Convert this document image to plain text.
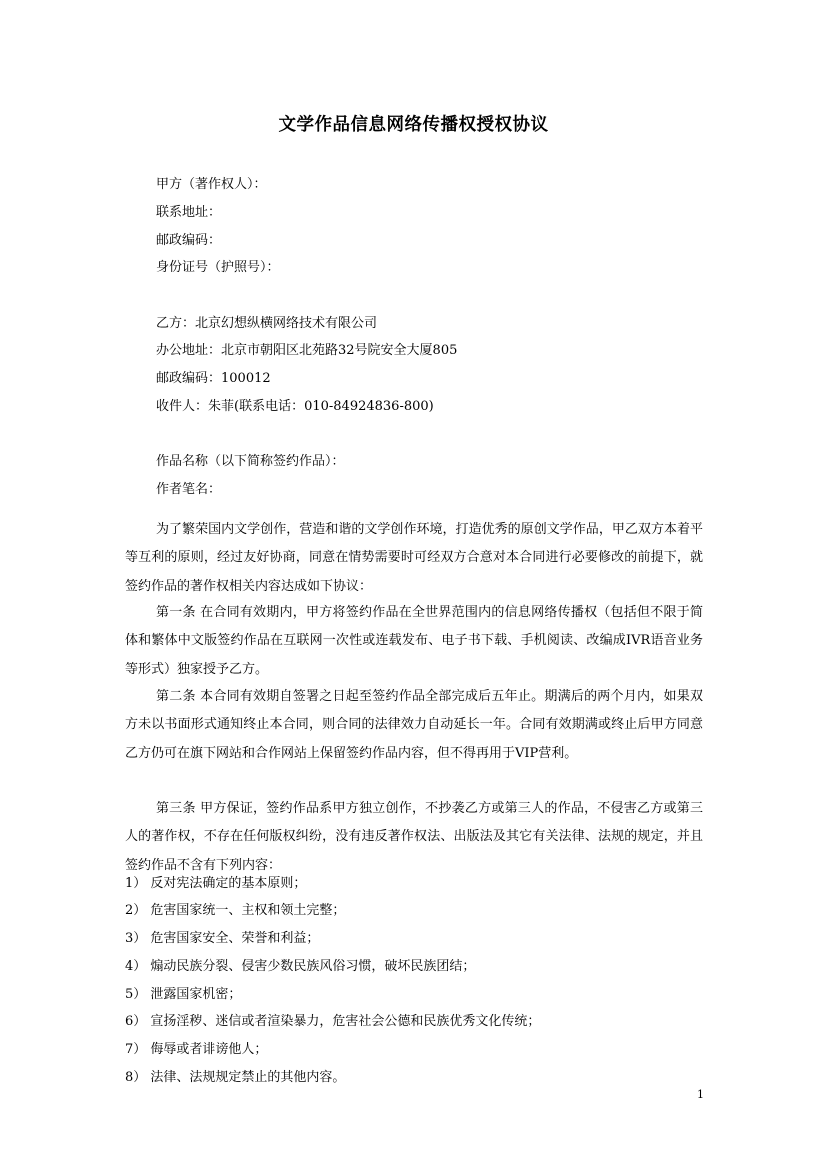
文学作品信息网络传播权授权协议
甲方（著作权人）：
联系地址：
邮政编码：
身份证号（护照号）：
乙方：北京幻想纵横网络技术有限公司
办公地址：北京市朝阳区北苑路32号院安全大厦805
邮政编码：100012
收件人：朱菲(联系电话：010-84924836-800)
作品名称（以下简称签约作品）：
作者笔名：
为了繁荣国内文学创作，营造和谐的文学创作环境，打造优秀的原创文学作品，甲乙双方本着平等互利的原则，经过友好协商，同意在情势需要时可经双方合意对本合同进行必要修改的前提下，就签约作品的著作权相关内容达成如下协议：
第一条 在合同有效期内，甲方将签约作品在全世界范围内的信息网络传播权（包括但不限于简体和繁体中文版签约作品在互联网一次性或连载发布、电子书下载、手机阅读、改编成IVR语音业务等形式）独家授予乙方。
第二条 本合同有效期自签署之日起至签约作品全部完成后五年止。期满后的两个月内，如果双方未以书面形式通知终止本合同，则合同的法律效力自动延长一年。合同有效期满或终止后甲方同意乙方仍可在旗下网站和合作网站上保留签约作品内容，但不得再用于VIP营利。
第三条 甲方保证，签约作品系甲方独立创作，不抄袭乙方或第三人的作品，不侵害乙方或第三人的著作权，不存在任何版权纠纷，没有违反著作权法、出版法及其它有关法律、法规的规定，并且签约作品不含有下列内容：
1） 反对宪法确定的基本原则；
2） 危害国家统一、主权和领土完整；
3） 危害国家安全、荣誉和利益；
4） 煽动民族分裂、侵害少数民族风俗习惯，破坏民族团结；
5） 泄露国家机密；
6） 宣扬淫秽、迷信或者渲染暴力，危害社会公德和民族优秀文化传统；
7） 侮辱或者诽谤他人；
8） 法律、法规规定禁止的其他内容。
1
